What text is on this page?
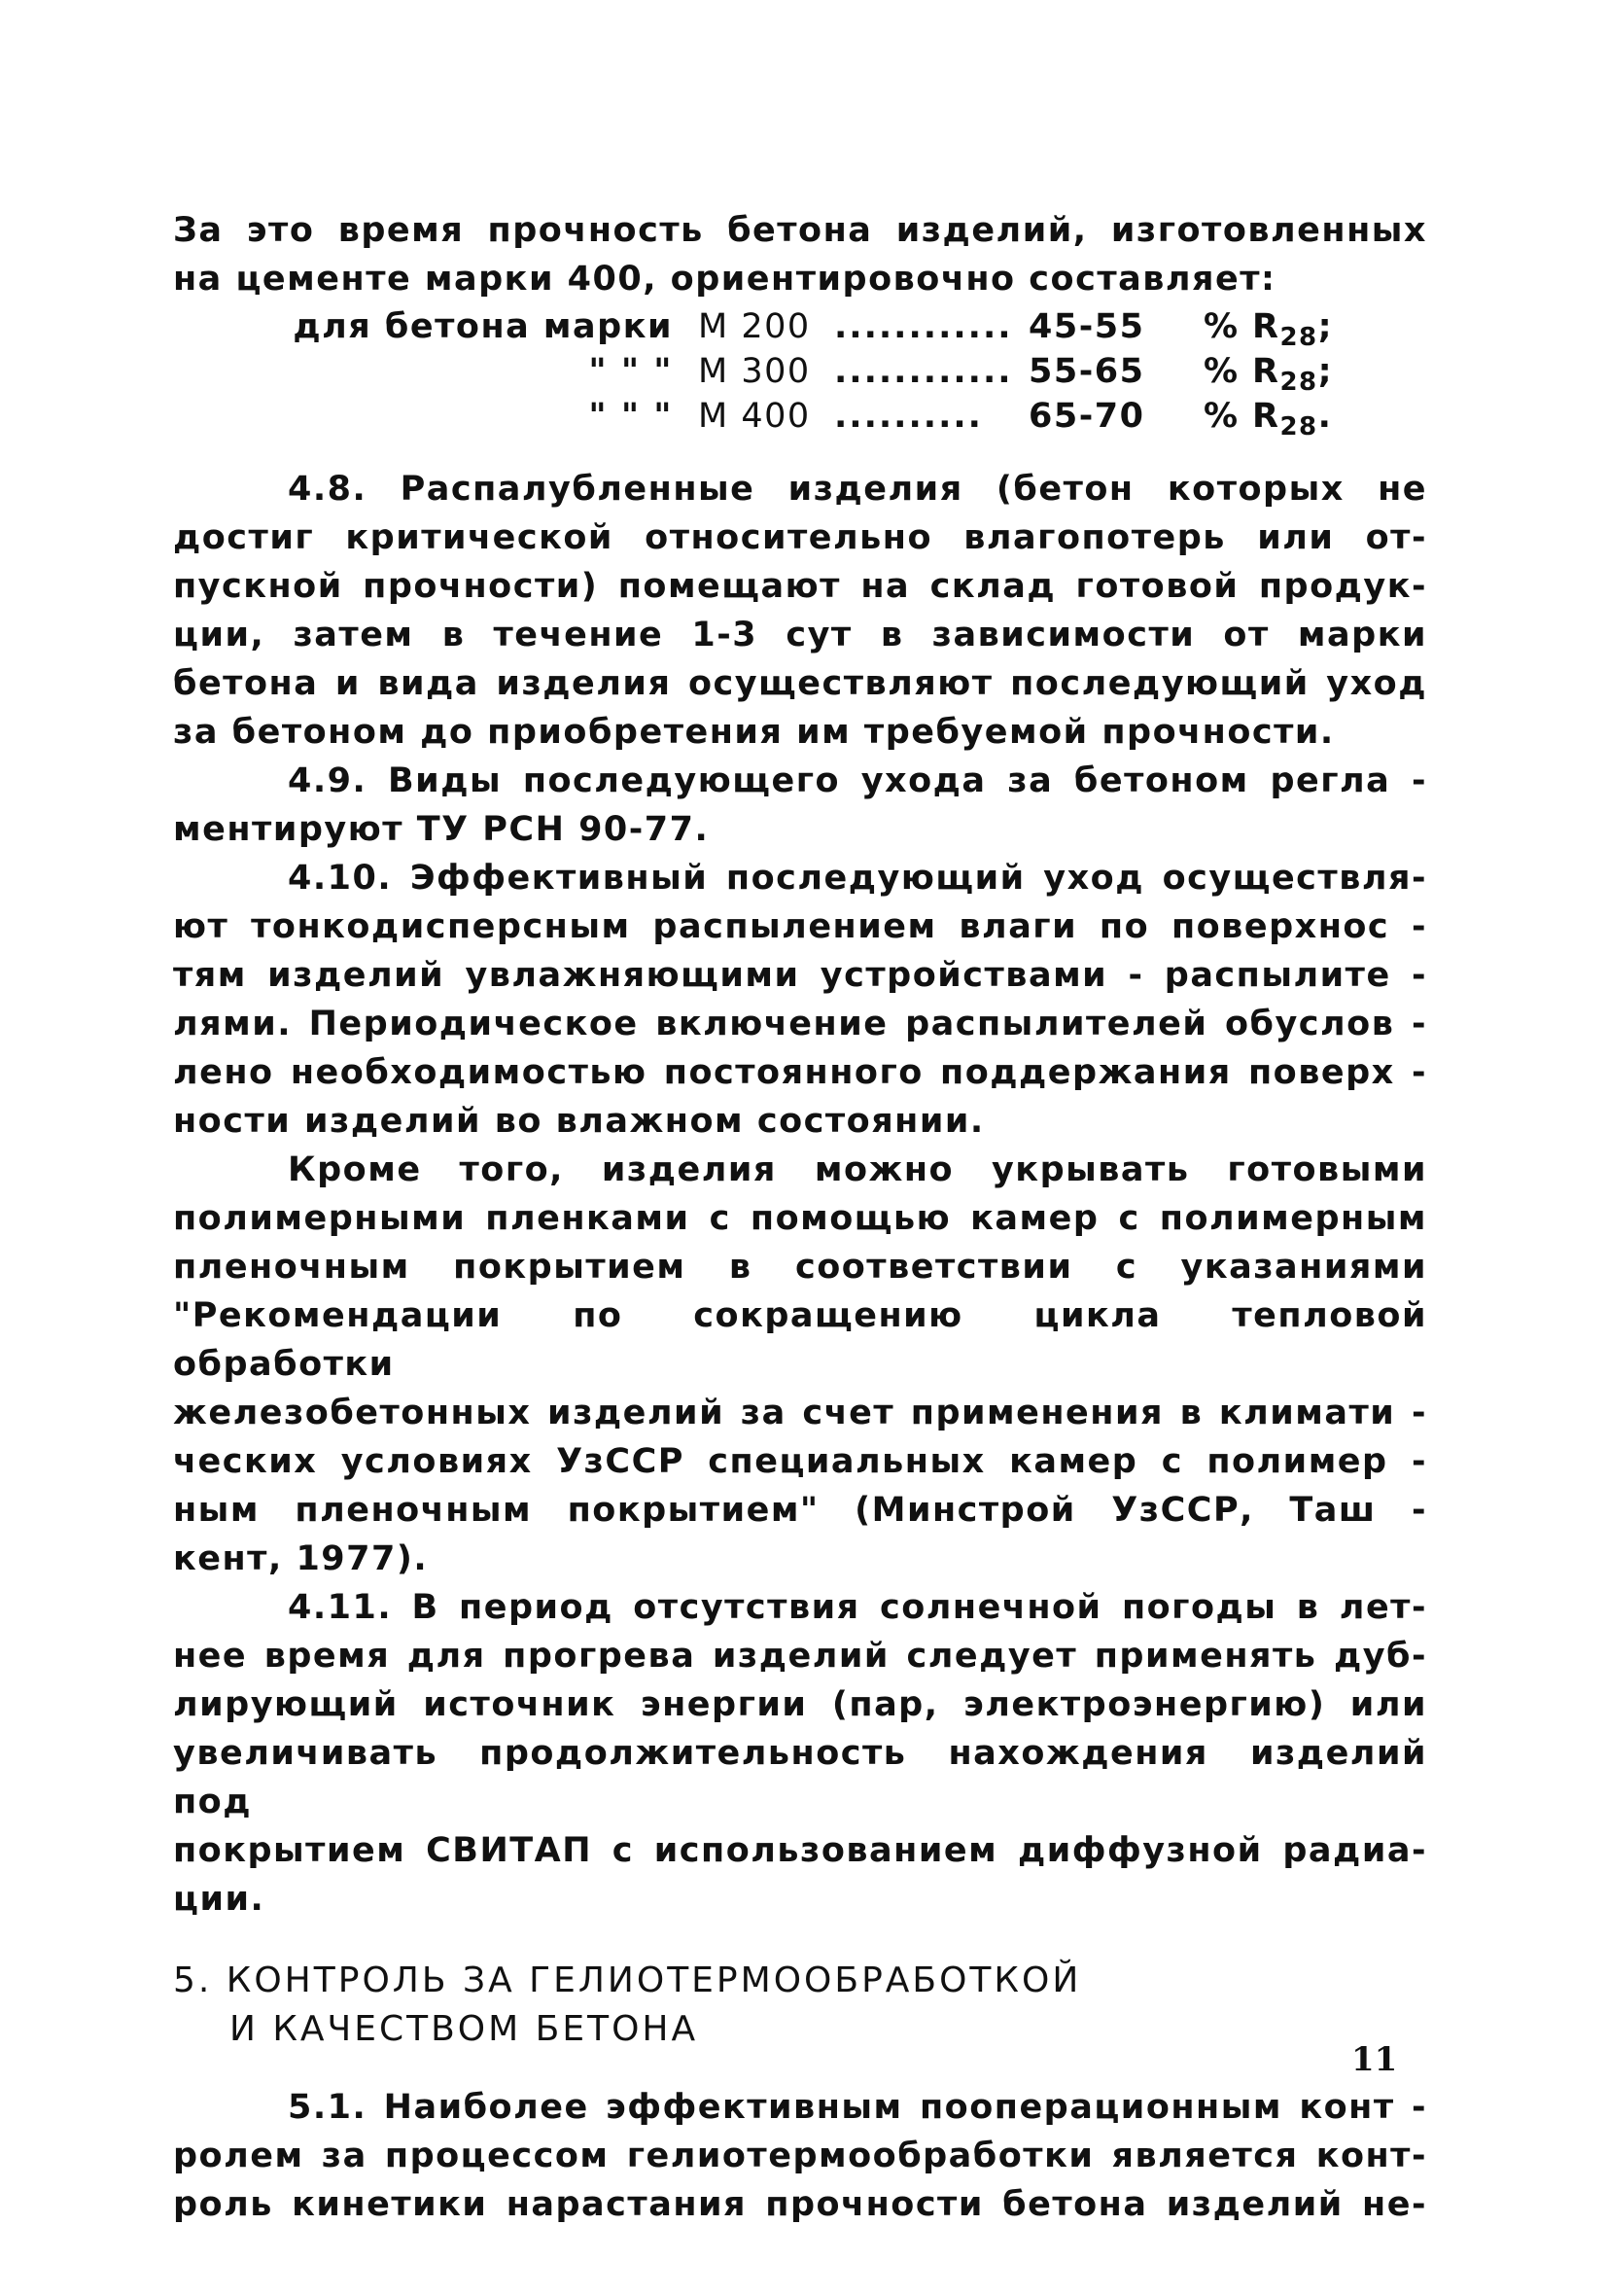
За это время прочность бетона изделий, изготовленных
на цементе марки 400, ориентировочно составляет:
для бетона марки М 200 ............ 45-55	% $R_{28}$;
" " " М 300 ............ 55-65	% $R_{28}$;
" " " М 400 ..........	65-70	% $R_{28}$.
4.8. Распалубленные изделия (бетон которых не
достиг критической относительно влагопотерь или от-
пускной прочности) помещают на склад готовой продук-
ции, затем в течение 1-3 сут в зависимости от марки
бетона и вида изделия осуществляют последующий уход
за бетоном до приобретения им требуемой прочности.
4.9. Виды последующего ухода за бетоном регла -
ментируют ТУ РСН 90-77.
4.10. Эффективный последующий уход осуществля-
ют тонкодисперсным распылением влаги по поверхнос -
тям изделий увлажняющими устройствами - распылите -
лями. Периодическое включение распылителей обуслов -
лено необходимостью постоянного поддержания поверх -
ности изделий во влажном состоянии.
Кроме того, изделия можно укрывать готовыми
полимерными пленками с помощью камер с полимерным
пленочным покрытием в соответствии с указаниями
"Рекомендации по сокращению цикла тепловой обработки
железобетонных изделий за счет применения в климати -
ческих условиях УзССР специальных камер с полимер -
ным пленочным покрытием" (Минстрой УзССР, Таш -
кент, 1977).
4.11. В период отсутствия солнечной погоды в лет-
нее время для прогрева изделий следует применять дуб-
лирующий источник энергии (пар, электроэнергию) или
увеличивать продолжительность нахождения изделий под
покрытием СВИТАП с использованием диффузной радиа-
ции.
5. КОНТРОЛЬ ЗА ГЕЛИОТЕРМООБРАБОТКОЙ
И КАЧЕСТВОМ БЕТОНА
5.1. Наиболее эффективным пооперационным конт -
ролем за процессом гелиотермообработки является конт-
роль кинетики нарастания прочности бетона изделий не-
11
